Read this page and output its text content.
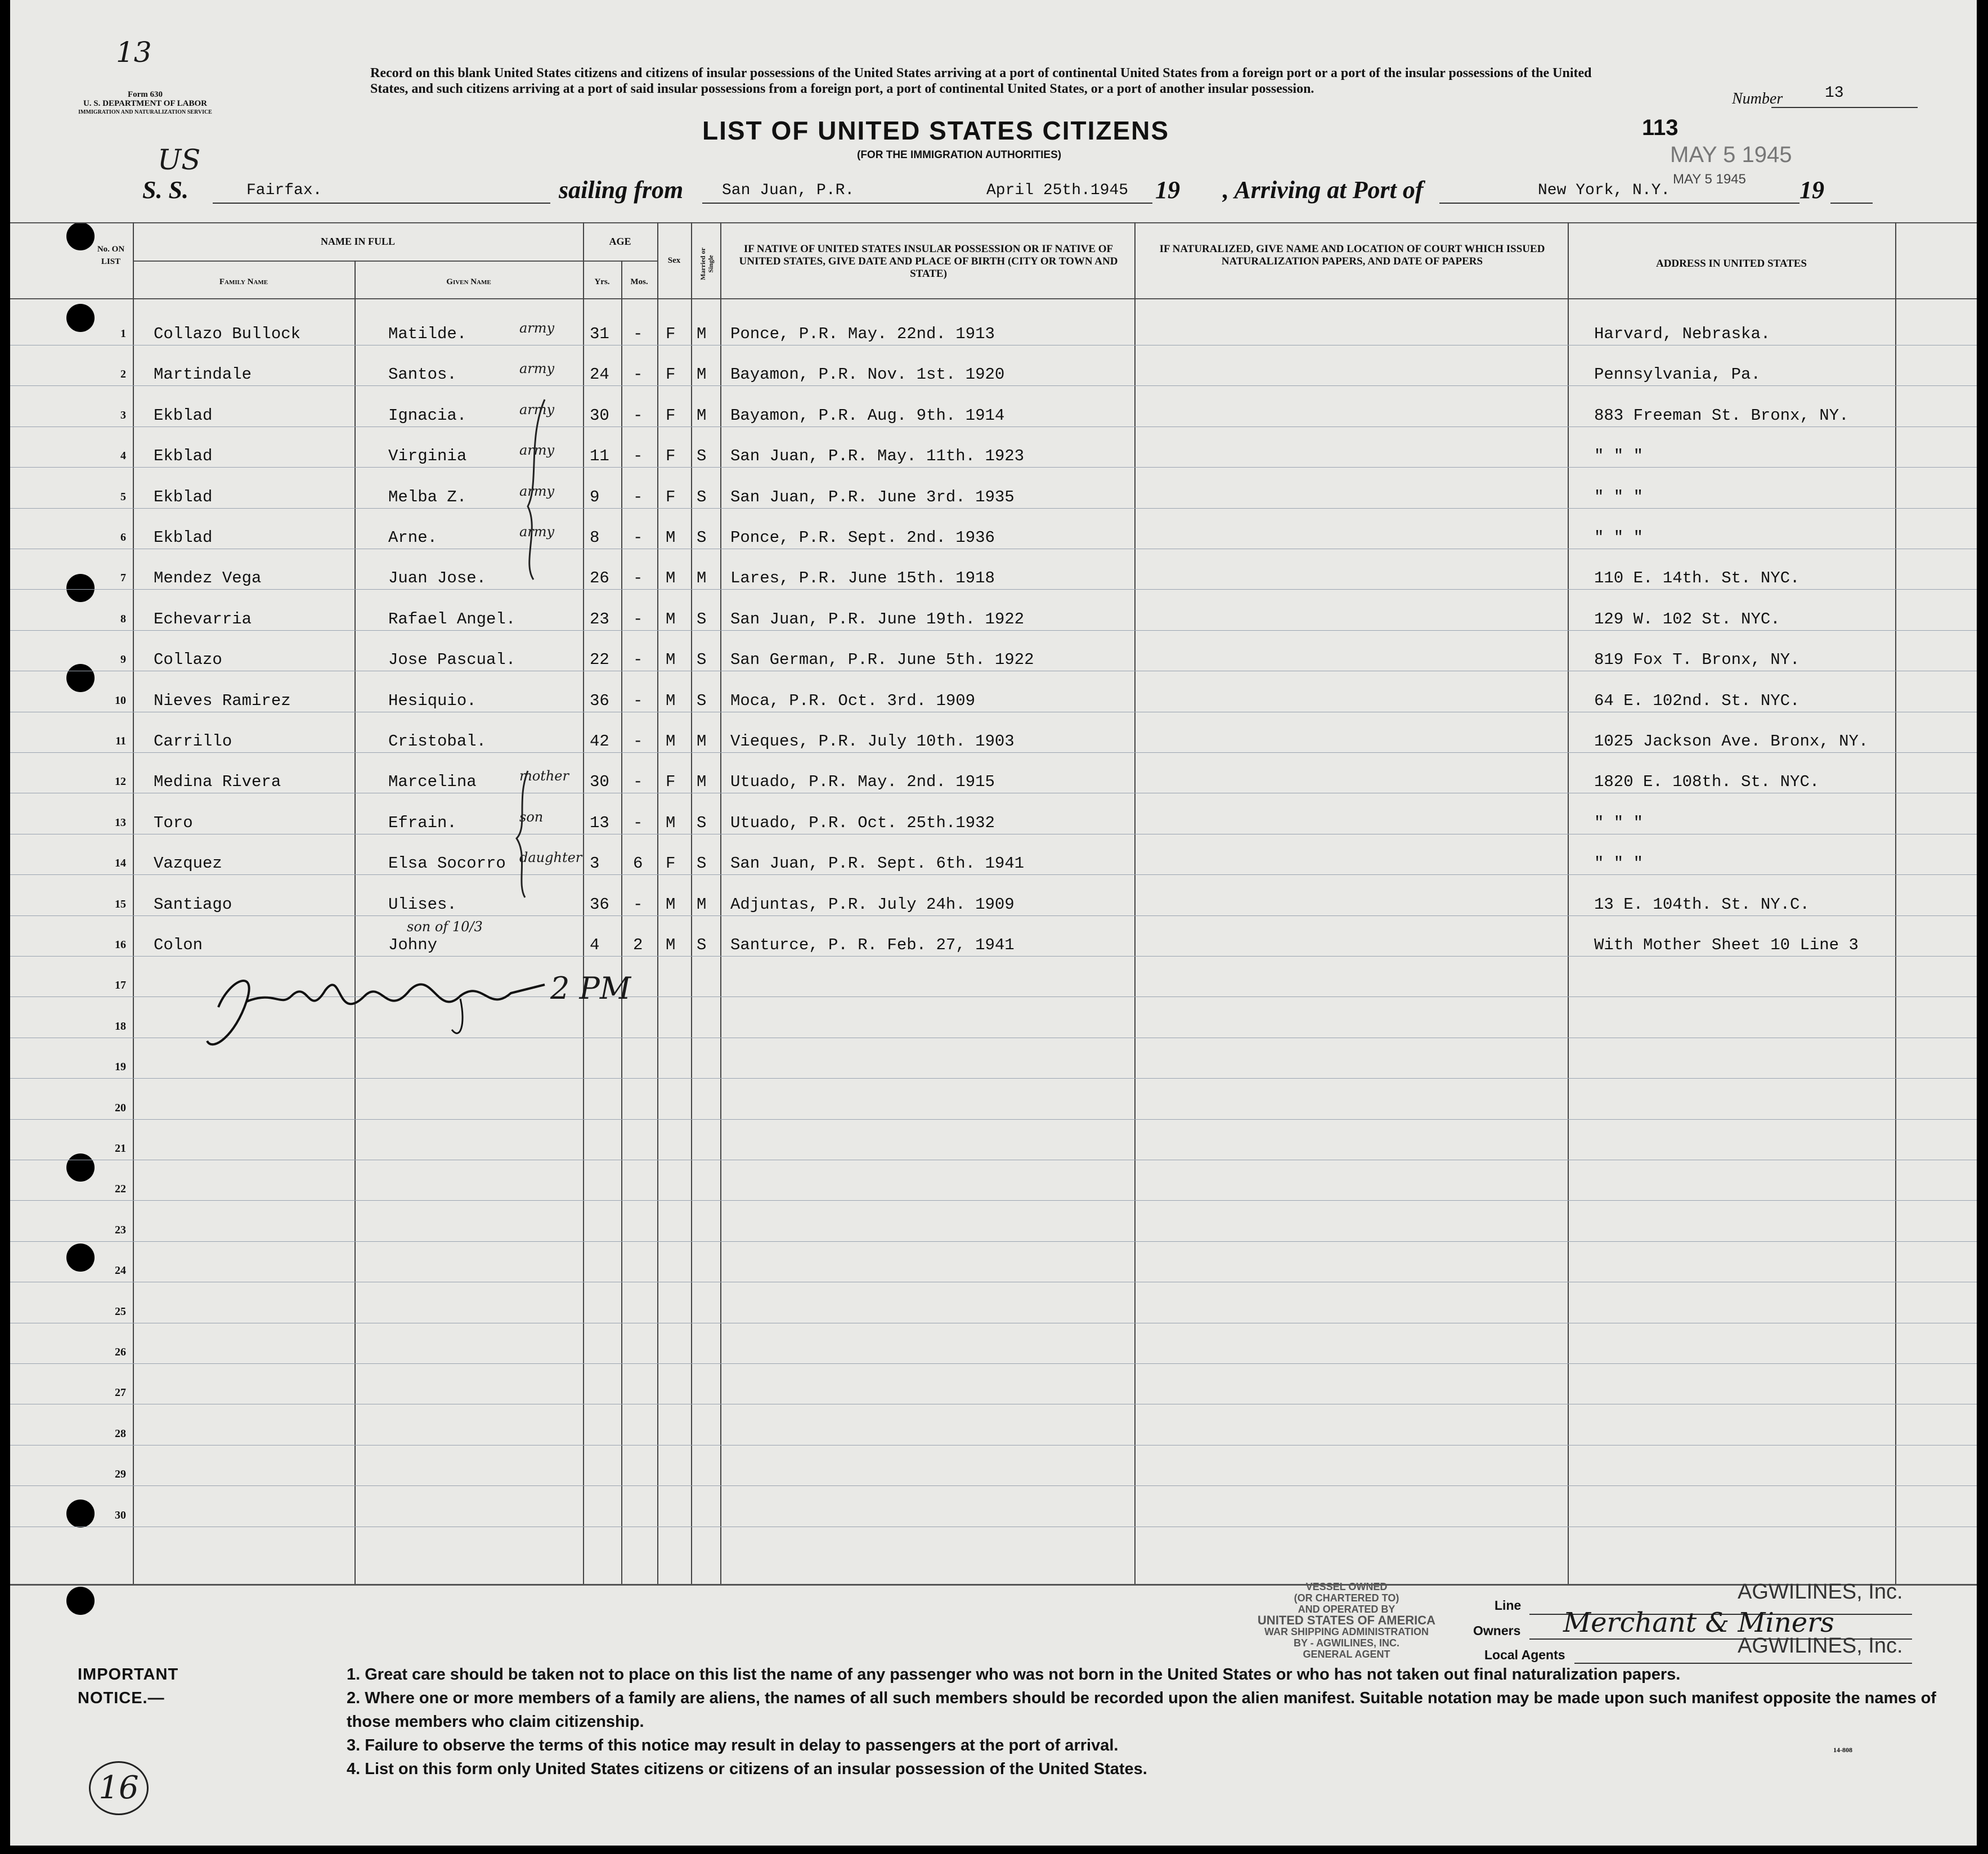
13
US
Form 630
U. S. DEPARTMENT OF LABOR
IMMIGRATION AND NATURALIZATION SERVICE
Record on this blank United States citizens and citizens of insular possessions of the United States arriving at a port of continental United States from a foreign port or a port of the insular possessions of the United States, and such citizens arriving at a port of said insular possessions from a foreign port, a port of continental United States, or a port of another insular possession.
LIST OF UNITED STATES CITIZENS
(FOR THE IMMIGRATION AUTHORITIES)
Number	13
113
MAY 5 1945
MAY 5 1945
S. S.	Fairfax.	sailing from San Juan, P.R.	April 25th.1945 19 , Arriving at Port of	New York, N.Y.	19
No. ON LIST
NAME IN FULL
Family Name	Given Name
AGE
Yrs.	Mos.
Sex	Married or Single
IF NATIVE OF UNITED STATES INSULAR POSSESSION OR IF NATIVE OF UNITED STATES, GIVE DATE AND PLACE OF BIRTH (CITY OR TOWN AND STATE)
IF NATURALIZED, GIVE NAME AND LOCATION OF COURT WHICH ISSUED NATURALIZATION PAPERS, AND DATE OF PAPERS	ADDRESS IN UNITED STATES
1 Collazo Bullock	Matilde.	31 - F M Ponce, P.R. May. 22nd. 1913	Harvard, Nebraska.
army
2 Martindale	Santos.	24 - F M Bayamon, P.R. Nov. 1st. 1920	Pennsylvania, Pa.
army
3 Ekblad	Ignacia.	30 - F M Bayamon, P.R. Aug. 9th. 1914	883 Freeman St. Bronx, NY.
army
4 Ekblad	Virginia	11 - F S San Juan, P.R. May. 11th. 1923	" " "
army
5 Ekblad	Melba Z.	9 - F S San Juan, P.R. June 3rd. 1935	" " "
army
6 Ekblad	Arne.	8 - M S Ponce, P.R. Sept. 2nd. 1936	" " "
army
7 Mendez Vega	Juan Jose.	26 - M M Lares, P.R. June 15th. 1918	110 E. 14th. St. NYC.
8 Echevarria	Rafael Angel.	23 - M S San Juan, P.R. June 19th. 1922	129 W. 102 St. NYC.
9 Collazo	Jose Pascual.	22 - M S San German, P.R. June 5th. 1922	819 Fox T. Bronx, NY.
10 Nieves Ramirez	Hesiquio.	36 - M S Moca, P.R. Oct. 3rd. 1909	64 E. 102nd. St. NYC.
11 Carrillo	Cristobal.	42 - M M Vieques, P.R. July 10th. 1903	1025 Jackson Ave. Bronx, NY.
12 Medina Rivera	Marcelina	30 - F M Utuado, P.R. May. 2nd. 1915	1820 E. 108th. St. NYC.
mother
13 Toro	Efrain.	13 - M S Utuado, P.R. Oct. 25th.1932	" " "
son
14 Vazquez	Elsa Socorro	3 6 F S San Juan, P.R. Sept. 6th. 1941	" " "
daughter
15 Santiago	Ulises.	36 - M M Adjuntas, P.R. July 24h. 1909	13 E. 104th. St. NY.C.
16 Colon	Johny	4 2 M S Santurce, P. R. Feb. 27, 1941	With Mother Sheet 10 Line 3
son of 10/3
17
18
19
20
21
22
23
24
25
26
27
28
29
30
2 PM
VESSEL OWNED
(OR CHARTERED TO)
AND OPERATED BY
UNITED STATES OF AMERICA
WAR SHIPPING ADMINISTRATION
BY - AGWILINES, INC.
GENERAL AGENT
Line
AGWILINES, Inc.
Owners Merchant & Miners
Local Agents	AGWILINES, Inc.
IMPORTANT NOTICE.—
1. Great care should be taken not to place on this list the name of any passenger who was not born in the United States or who has not taken out final naturalization papers.
2. Where one or more members of a family are aliens, the names of all such members should be recorded upon the alien manifest. Suitable notation may be made upon such manifest opposite the names of those members who claim citizenship.
3. Failure to observe the terms of this notice may result in delay to passengers at the port of arrival.
4. List on this form only United States citizens or citizens of an insular possession of the United States.
14-808
16
